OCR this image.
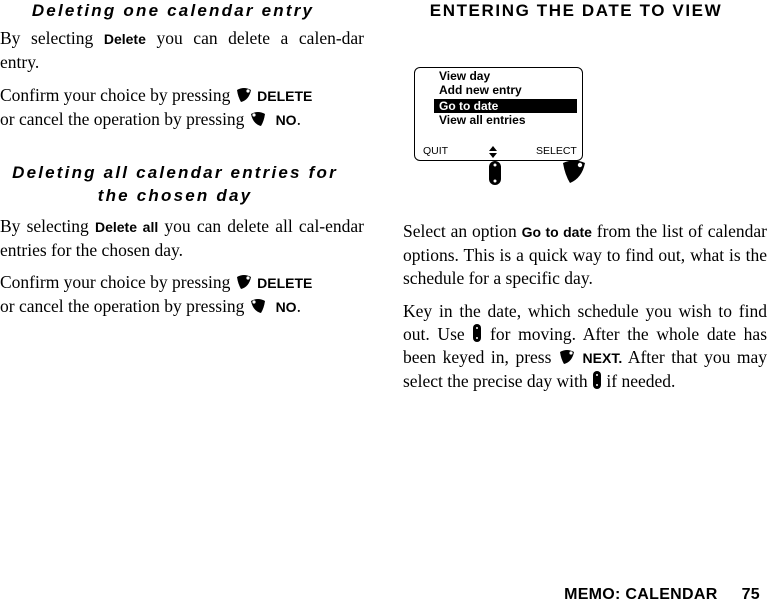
Deleting one calendar entry

By selecting Delete you can delete a calen-dar entry.

Confirm your choice by pressing  DELETE
or cancel the operation by pressing   NO.

Deleting all calendar entries for
the chosen day

By selecting Delete all you can delete all cal-endar entries for the chosen day.

Confirm your choice by pressing  DELETE
or cancel the operation by pressing   NO.

ENTERING THE DATE TO VIEW
View day
Add new entry
Go to date
View all entries
QUIT	SELECT

Select an option Go to date from the list of calendar options. This is a quick way to find out, what is the schedule for a specific day.

Key in the date, which schedule you wish to find out. Use  for moving. After the whole date has been keyed in, press  NEXT. After that you may select the precise day with  if needed.

MEMO: CALENDAR 75
